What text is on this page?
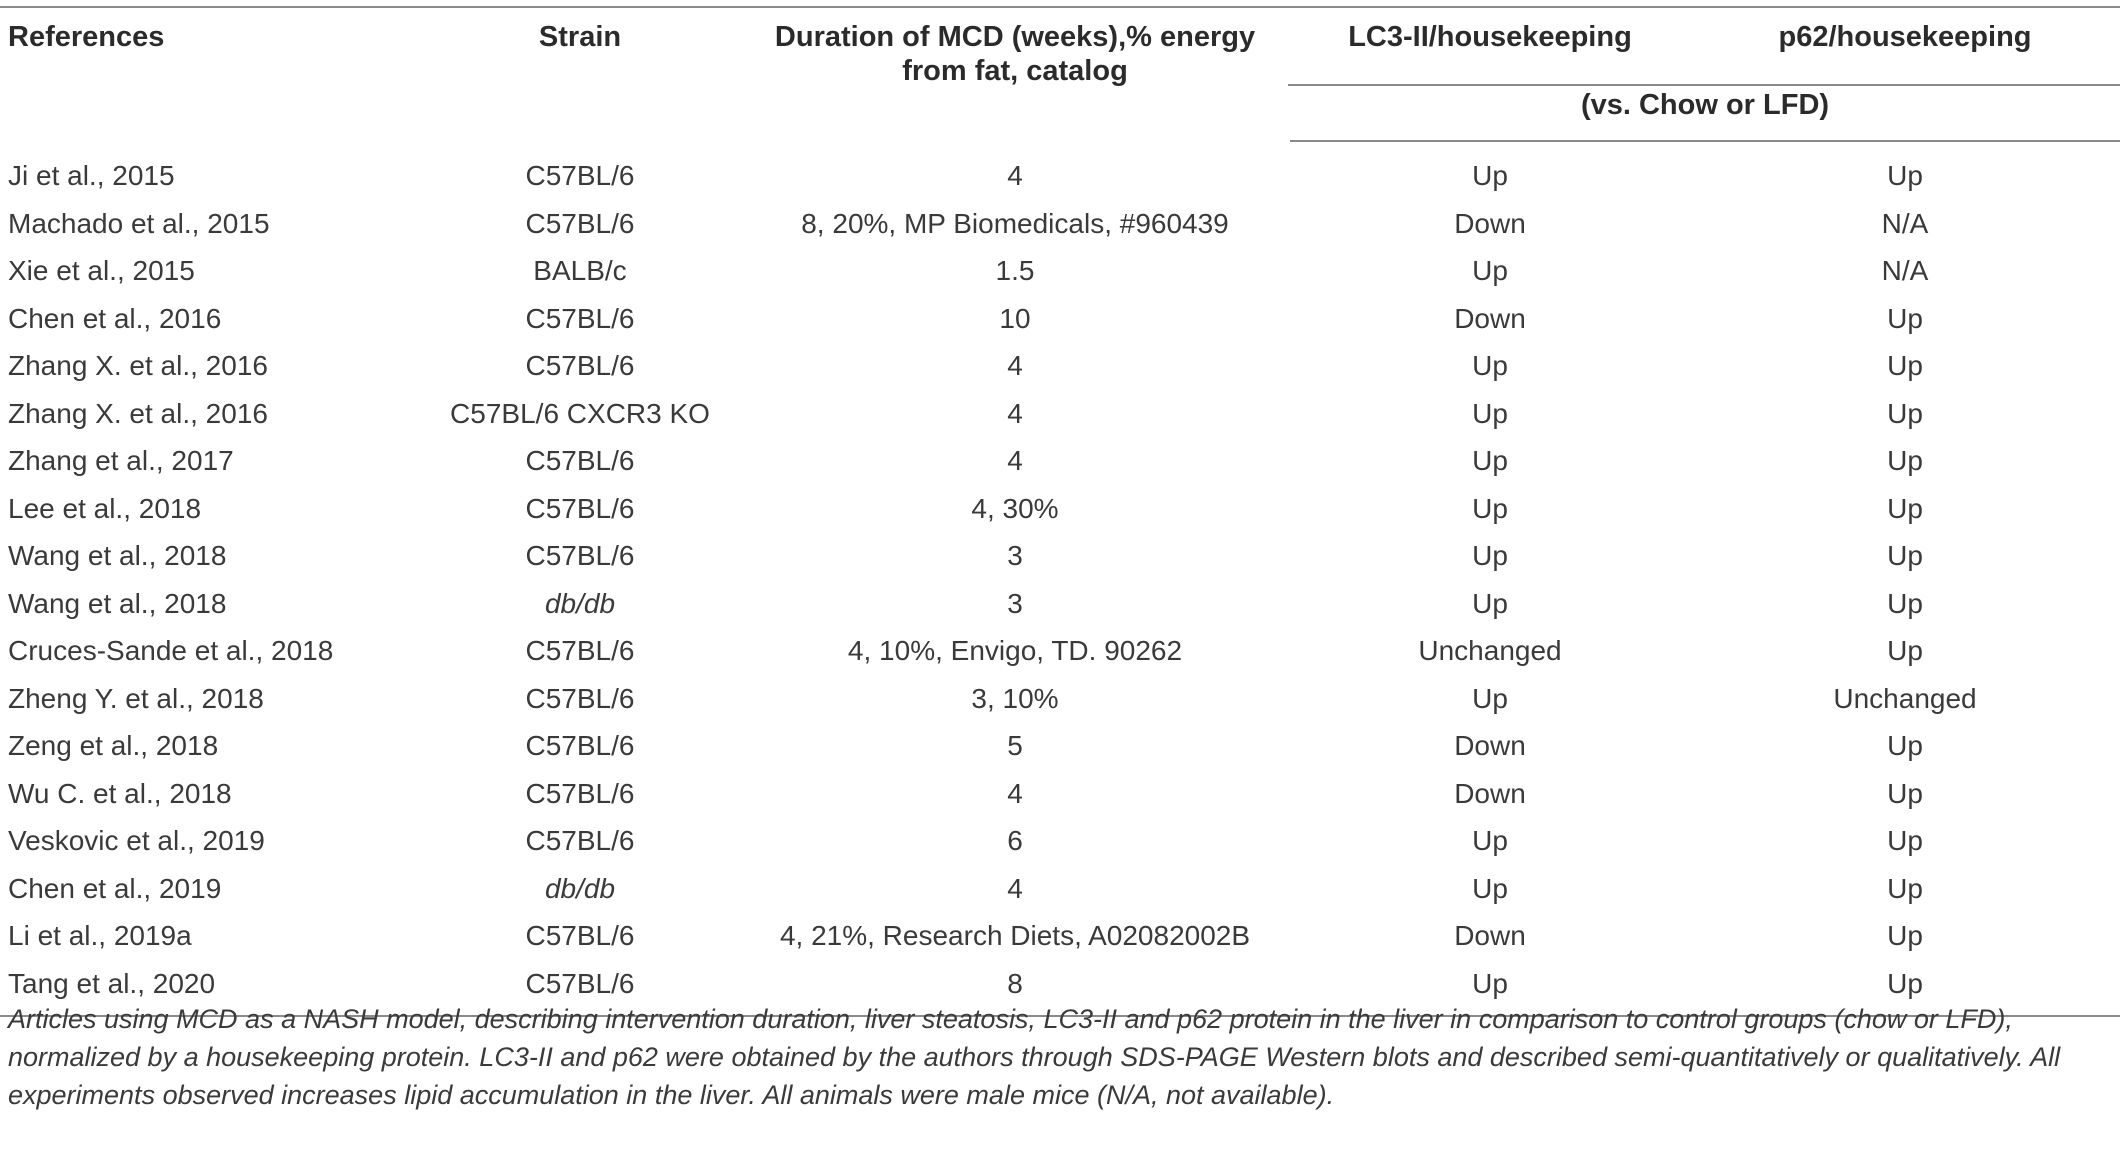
References	Strain	Duration of MCD (weeks),% energy from fat, catalog	LC3-II/housekeeping	p62/housekeeping
			(vs. Chow or LFD)	
Ji et al., 2015	C57BL/6	4	Up	Up
Machado et al., 2015	C57BL/6	8, 20%, MP Biomedicals, #960439	Down	N/A
Xie et al., 2015	BALB/c	1.5	Up	N/A
Chen et al., 2016	C57BL/6	10	Down	Up
Zhang X. et al., 2016	C57BL/6	4	Up	Up
Zhang X. et al., 2016	C57BL/6 CXCR3 KO	4	Up	Up
Zhang et al., 2017	C57BL/6	4	Up	Up
Lee et al., 2018	C57BL/6	4, 30%	Up	Up
Wang et al., 2018	C57BL/6	3	Up	Up
Wang et al., 2018	db/db	3	Up	Up
Cruces-Sande et al., 2018	C57BL/6	4, 10%, Envigo, TD. 90262	Unchanged	Up
Zheng Y. et al., 2018	C57BL/6	3, 10%	Up	Unchanged
Zeng et al., 2018	C57BL/6	5	Down	Up
Wu C. et al., 2018	C57BL/6	4	Down	Up
Veskovic et al., 2019	C57BL/6	6	Up	Up
Chen et al., 2019	db/db	4	Up	Up
Li et al., 2019a	C57BL/6	4, 21%, Research Diets, A02082002B	Down	Up
Tang et al., 2020	C57BL/6	8	Up	Up
Articles using MCD as a NASH model, describing intervention duration, liver steatosis, LC3-II and p62 protein in the liver in comparison to control groups (chow or LFD), normalized by a housekeeping protein. LC3-II and p62 were obtained by the authors through SDS-PAGE Western blots and described semi-quantitatively or qualitatively. All experiments observed increases lipid accumulation in the liver. All animals were male mice (N/A, not available).
